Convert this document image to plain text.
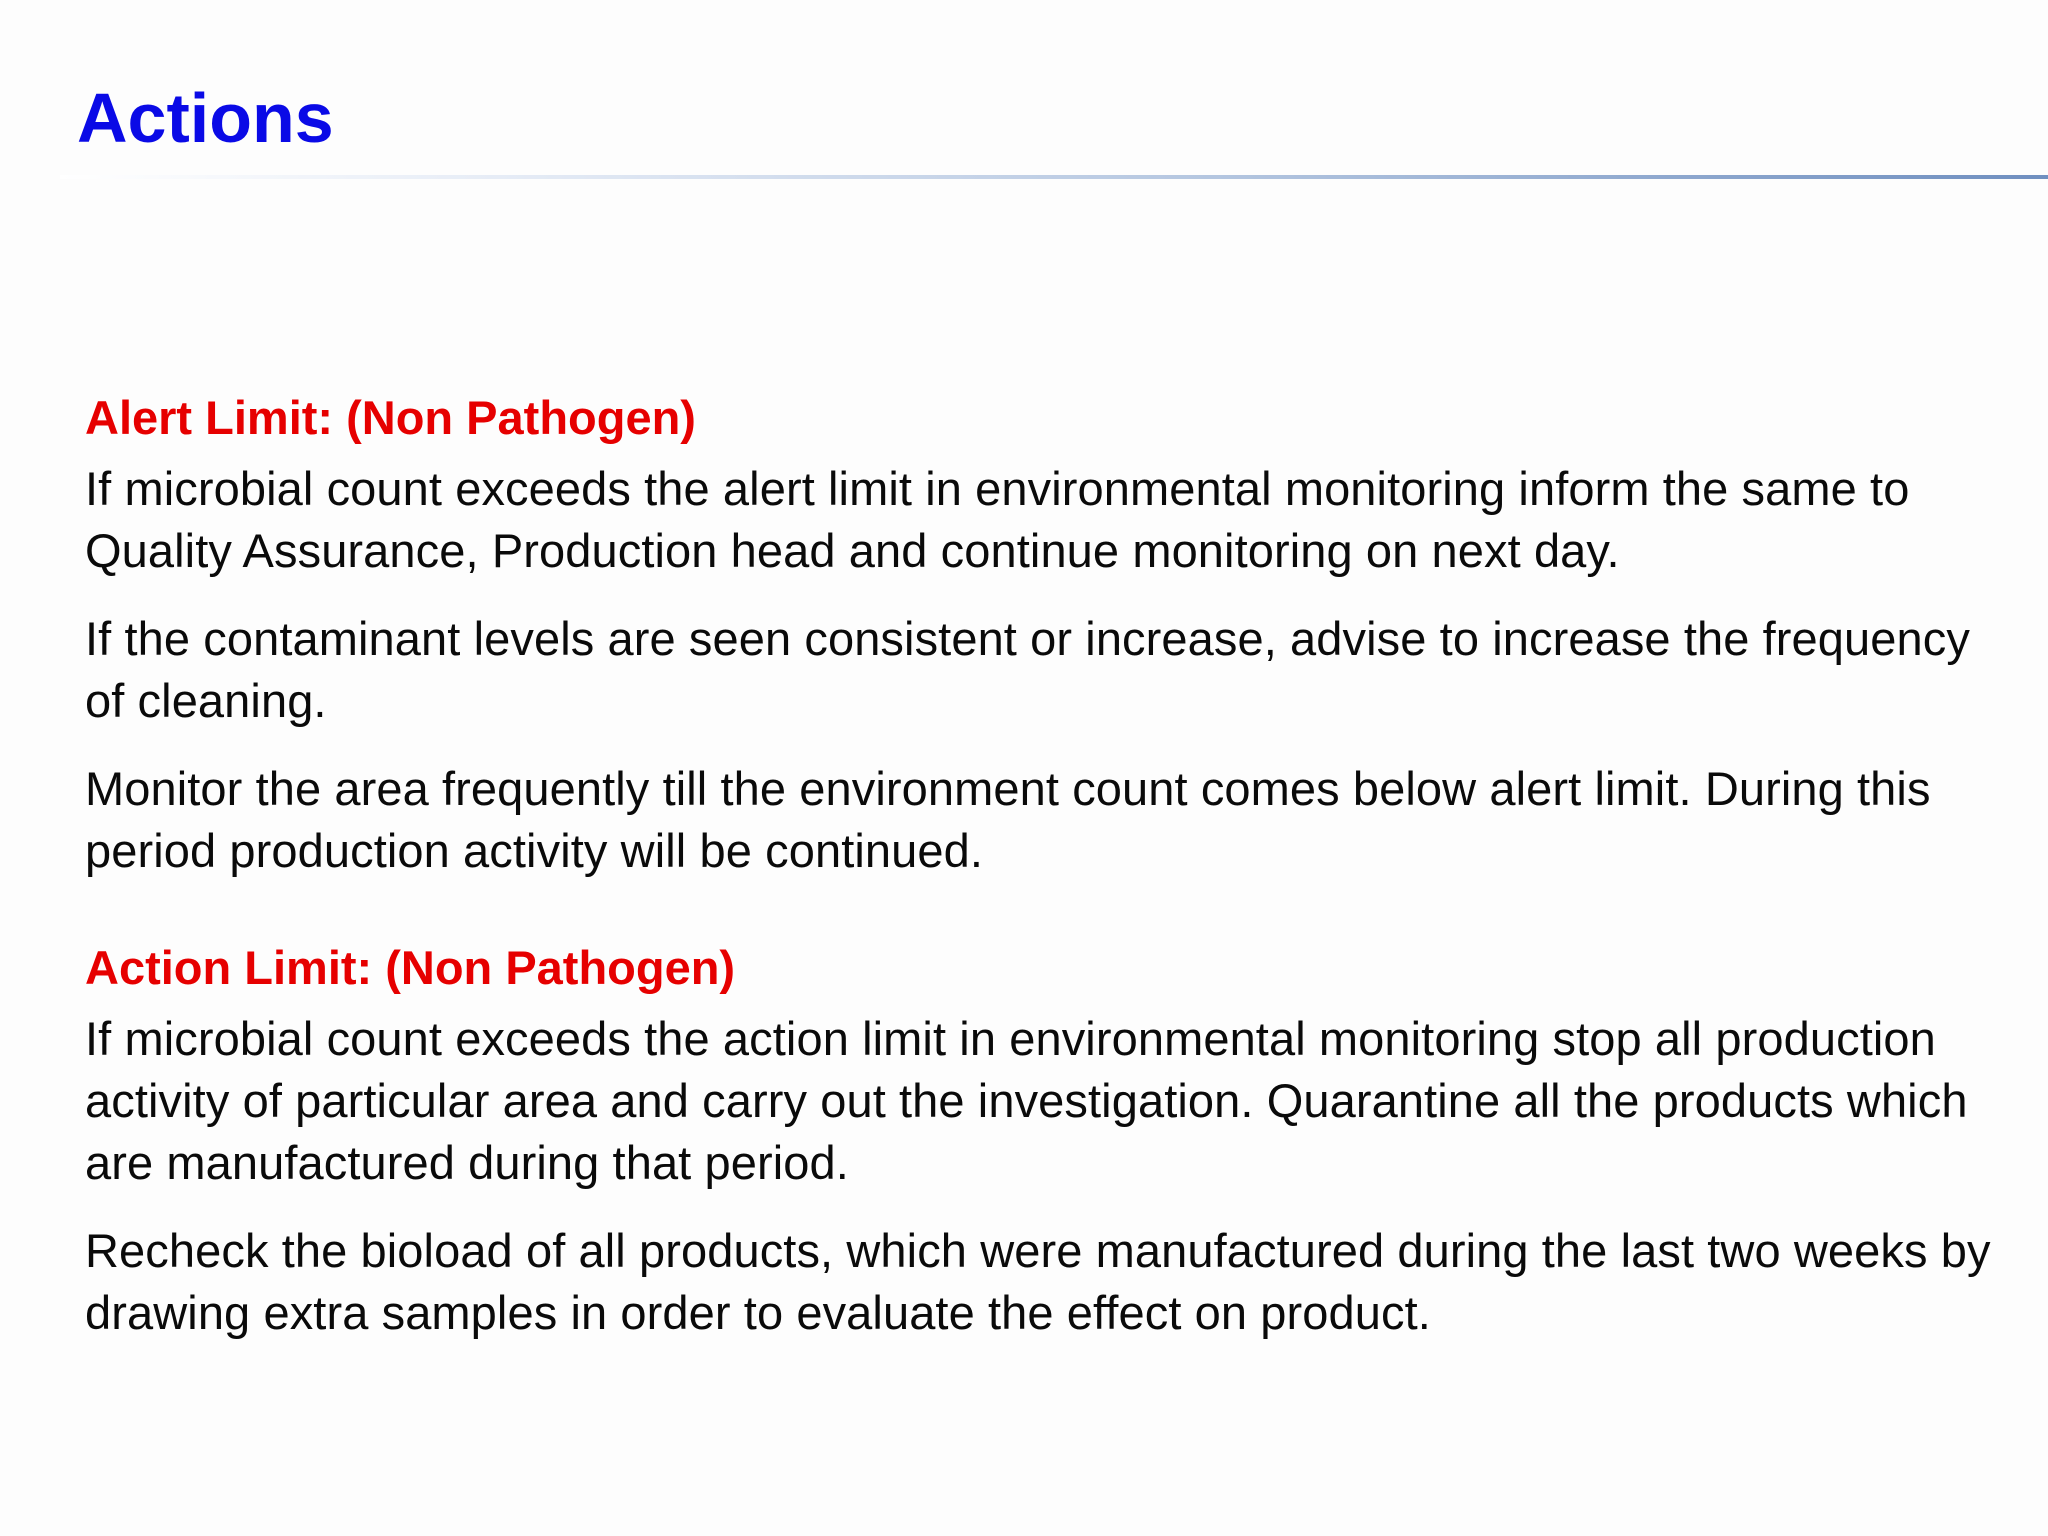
Actions
Alert Limit: (Non Pathogen)

If microbial count exceeds the alert limit in environmental monitoring inform the same to Quality Assurance, Production head and continue monitoring on next day.

If the contaminant levels are seen consistent or increase, advise to increase the frequency of cleaning.

Monitor the area frequently till the environment count comes below alert limit. During this period production activity will be continued.

Action Limit: (Non Pathogen)

If microbial count exceeds the action limit in environmental monitoring stop all production activity of particular area and carry out the investigation. Quarantine all the products which are manufactured during that period.

Recheck the bioload of all products, which were manufactured during the last two weeks by drawing extra samples in order to evaluate the effect on product.
